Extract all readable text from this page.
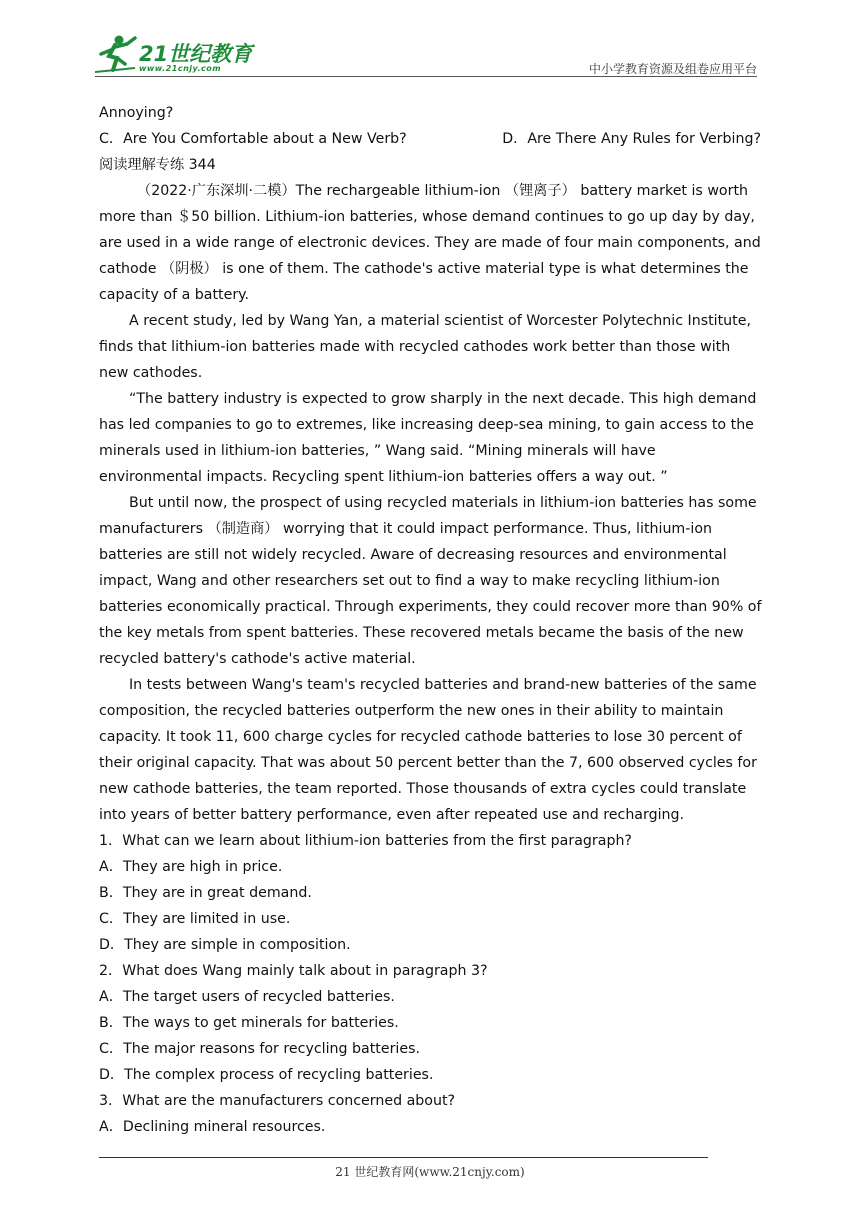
21世纪教育
www.21cnjy.com	中小学教育资源及组卷应用平台

Annoying?

C．Are You Comfortable about a New Verb?	D．Are There Any Rules for Verbing?

阅读理解专练 344

（2022·广东深圳·二模）The rechargeable lithium-ion （锂离子） battery market is worth more than ＄50 billion. Lithium-ion batteries, whose demand continues to go up day by day, are used in a wide range of electronic devices. They are made of four main components, and cathode （阴极） is one of them. The cathode's active material type is what determines the capacity of a battery.

A recent study, led by Wang Yan, a material scientist of Worcester Polytechnic Institute, finds that lithium-ion batteries made with recycled cathodes work better than those with new cathodes.

“The battery industry is expected to grow sharply in the next decade. This high demand has led companies to go to extremes, like increasing deep-sea mining, to gain access to the minerals used in lithium-ion batteries, ” Wang said. “Mining minerals will have environmental impacts. Recycling spent lithium-ion batteries offers a way out. ”

But until now, the prospect of using recycled materials in lithium-ion batteries has some manufacturers （制造商） worrying that it could impact performance. Thus, lithium-ion batteries are still not widely recycled. Aware of decreasing resources and environmental impact, Wang and other researchers set out to find a way to make recycling lithium-ion batteries economically practical. Through experiments, they could recover more than 90% of the key metals from spent batteries. These recovered metals became the basis of the new recycled battery's cathode's active material.

In tests between Wang's team's recycled batteries and brand-new batteries of the same composition, the recycled batteries outperform the new ones in their ability to maintain capacity. It took 11, 600 charge cycles for recycled cathode batteries to lose 30 percent of their original capacity. That was about 50 percent better than the 7, 600 observed cycles for new cathode batteries, the team reported. Those thousands of extra cycles could translate into years of better battery performance, even after repeated use and recharging.

1．What can we learn about lithium-ion batteries from the first paragraph?

A．They are high in price.

B．They are in great demand.

C．They are limited in use.

D．They are simple in composition.

2．What does Wang mainly talk about in paragraph 3?

A．The target users of recycled batteries.

B．The ways to get minerals for batteries.

C．The major reasons for recycling batteries.

D．The complex process of recycling batteries.

3．What are the manufacturers concerned about?

A．Declining mineral resources.

21 世纪教育网(www.21cnjy.com)
